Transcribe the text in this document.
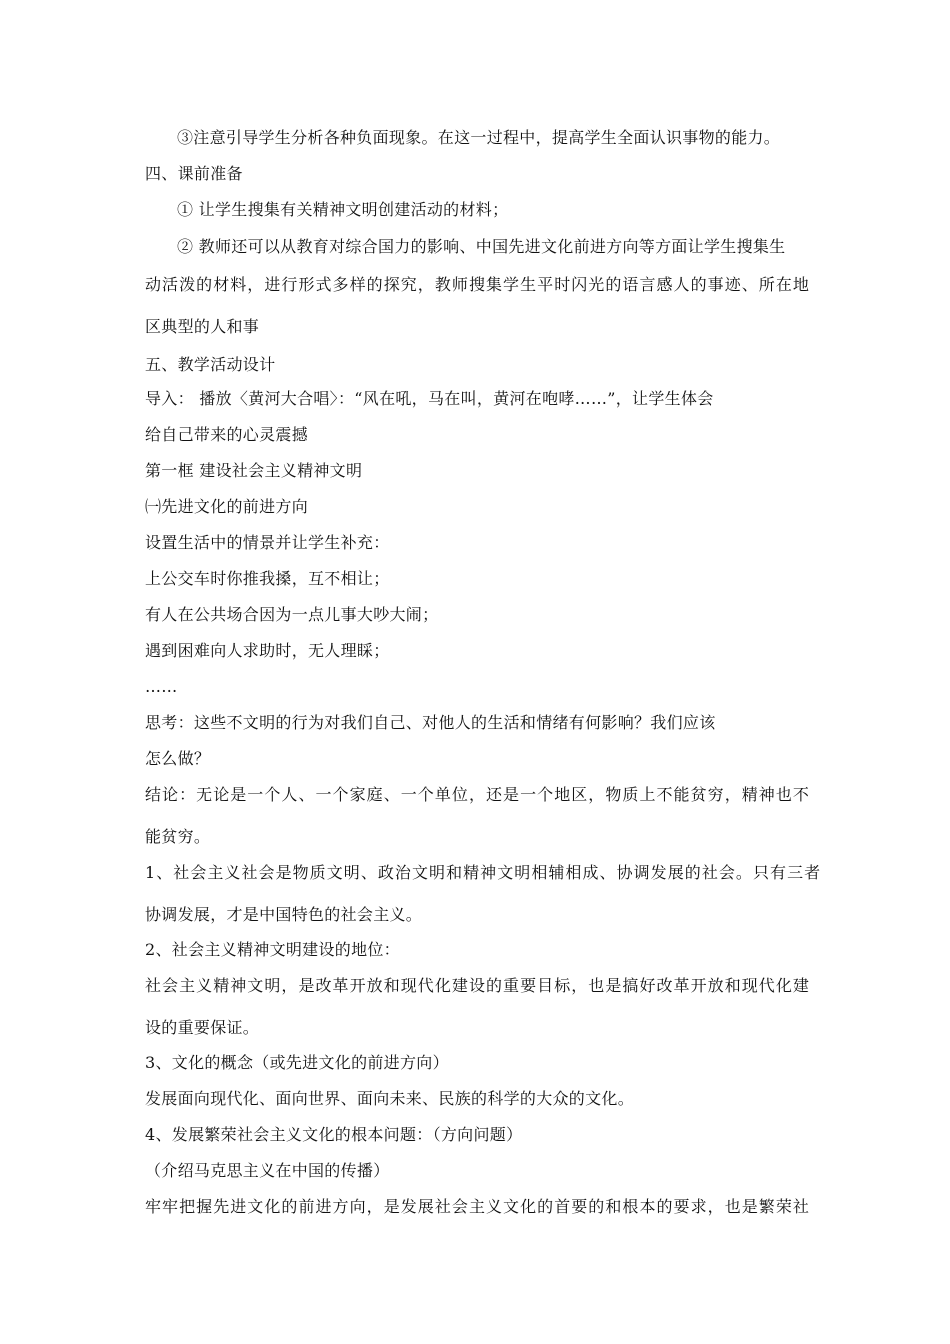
③注意引导学生分析各种负面现象。在这一过程中，提高学生全面认识事物的能力。
四、课前准备
① 让学生搜集有关精神文明创建活动的材料；
② 教师还可以从教育对综合国力的影响、中国先进文化前进方向等方面让学生搜集生
动活泼的材料，进行形式多样的探究，教师搜集学生平时闪光的语言感人的事迹、所在地
区典型的人和事
五、教学活动设计
导入： 播放〈黄河大合唱〉：“风在吼，马在叫，黄河在咆哮……”，让学生体会
给自己带来的心灵震撼
第一框 建设社会主义精神文明
㈠先进文化的前进方向
设置生活中的情景并让学生补充：
上公交车时你推我搡，互不相让；
有人在公共场合因为一点儿事大吵大闹；
遇到困难向人求助时，无人理睬；
……
思考：这些不文明的行为对我们自己、对他人的生活和情绪有何影响？我们应该
怎么做？
结论：无论是一个人、一个家庭、一个单位，还是一个地区，物质上不能贫穷，精神也不
能贫穷。
1、社会主义社会是物质文明、政治文明和精神文明相辅相成、协调发展的社会。只有三者
协调发展，才是中国特色的社会主义。
2、社会主义精神文明建设的地位：
社会主义精神文明，是改革开放和现代化建设的重要目标，也是搞好改革开放和现代化建
设的重要保证。
3、文化的概念（或先进文化的前进方向）
发展面向现代化、面向世界、面向未来、民族的科学的大众的文化。
4、发展繁荣社会主义文化的根本问题：（方向问题）
（介绍马克思主义在中国的传播）
牢牢把握先进文化的前进方向，是发展社会主义文化的首要的和根本的要求，也是繁荣社
